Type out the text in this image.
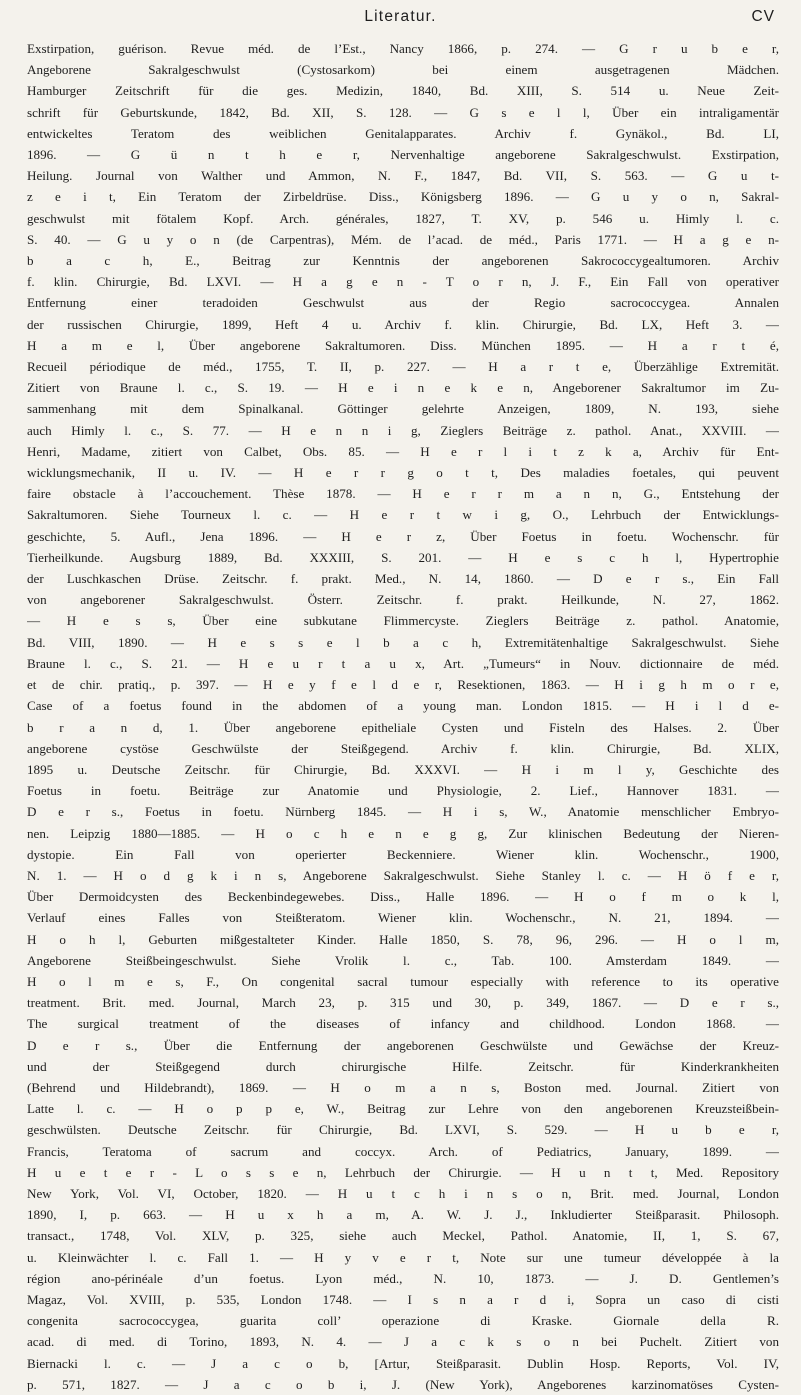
Literatur.	CV
Exstirpation, guérison. Revue méd. de l’Est., Nancy 1866, p. 274. — G r u b e r,
Angeborene Sakralgeschwulst (Cystosarkom) bei einem ausgetragenen Mädchen.
Hamburger Zeitschrift für die ges. Medizin, 1840, Bd. XIII, S. 514 u. Neue Zeit-
schrift für Geburtskunde, 1842, Bd. XII, S. 128. — G s e l l, Über ein intraligamentär
entwickeltes Teratom des weiblichen Genitalapparates. Archiv f. Gynäkol., Bd. LI,
1896. — G ü n t h e r, Nervenhaltige angeborene Sakralgeschwulst. Exstirpation,
Heilung. Journal von Walther und Ammon, N. F., 1847, Bd. VII, S. 563. — G u t-
z e i t, Ein Teratom der Zirbeldrüse. Diss., Königsberg 1896. — G u y o n, Sakral-
geschwulst mit fötalem Kopf. Arch. générales, 1827, T. XV, p. 546 u. Himly l. c.
S. 40. — G u y o n (de Carpentras), Mém. de l’acad. de méd., Paris 1771. — H a g e n-
b a c h, E., Beitrag zur Kenntnis der angeborenen Sakrococcygealtumoren. Archiv
f. klin. Chirurgie, Bd. LXVI. — H a g e n - T o r n, J. F., Ein Fall von operativer
Entfernung einer teradoiden Geschwulst aus der Regio sacrococcygea. Annalen
der russischen Chirurgie, 1899, Heft 4 u. Archiv f. klin. Chirurgie, Bd. LX, Heft 3. —
H a m e l, Über angeborene Sakraltumoren. Diss. München 1895. — H a r t é,
Recueil périodique de méd., 1755, T. II, p. 227. — H a r t e, Überzählige Extremität.
Zitiert von Braune l. c., S. 19. — H e i n e k e n, Angeborener Sakraltumor im Zu-
sammenhang mit dem Spinalkanal. Göttinger gelehrte Anzeigen, 1809, N. 193, siehe
auch Himly l. c., S. 77. — H e n n i g, Zieglers Beiträge z. pathol. Anat., XXVIII. —
Henri, Madame, zitiert von Calbet, Obs. 85. — H e r l i t z k a, Archiv für Ent-
wicklungsmechanik, II u. IV. — H e r r g o t t, Des maladies foetales, qui peuvent
faire obstacle à l’accouchement. Thèse 1878. — H e r r m a n n, G., Entstehung der
Sakraltumoren. Siehe Tourneux l. c. — H e r t w i g, O., Lehrbuch der Entwicklungs-
geschichte, 5. Aufl., Jena 1896. — H e r z, Über Foetus in foetu. Wochenschr. für
Tierheilkunde. Augsburg 1889, Bd. XXXIII, S. 201. — H e s c h l, Hypertrophie
der Luschkaschen Drüse. Zeitschr. f. prakt. Med., N. 14, 1860. — D e r s., Ein Fall
von angeborener Sakralgeschwulst. Österr. Zeitschr. f. prakt. Heilkunde, N. 27, 1862.
— H e s s, Über eine subkutane Flimmercyste. Zieglers Beiträge z. pathol. Anatomie,
Bd. VIII, 1890. — H e s s e l b a c h, Extremitätenhaltige Sakralgeschwulst. Siehe
Braune l. c., S. 21. — H e u r t a u x, Art. „Tumeurs“ in Nouv. dictionnaire de méd.
et de chir. pratiq., p. 397. — H e y f e l d e r, Resektionen, 1863. — H i g h m o r e,
Case of a foetus found in the abdomen of a young man. London 1815. — H i l d e-
b r a n d, 1. Über angeborene epitheliale Cysten und Fisteln des Halses. 2. Über
angeborene cystöse Geschwülste der Steißgegend. Archiv f. klin. Chirurgie, Bd. XLIX,
1895 u. Deutsche Zeitschr. für Chirurgie, Bd. XXXVI. — H i m l y, Geschichte des
Foetus in foetu. Beiträge zur Anatomie und Physiologie, 2. Lief., Hannover 1831. —
D e r s., Foetus in foetu. Nürnberg 1845. — H i s, W., Anatomie menschlicher Embryo-
nen. Leipzig 1880—1885. — H o c h e n e g g, Zur klinischen Bedeutung der Nieren-
dystopie. Ein Fall von operierter Beckenniere. Wiener klin. Wochenschr., 1900,
N. 1. — H o d g k i n s, Angeborene Sakralgeschwulst. Siehe Stanley l. c. — H ö f e r,
Über Dermoidcysten des Beckenbindegewebes. Diss., Halle 1896. — H o f m o k l,
Verlauf eines Falles von Steißteratom. Wiener klin. Wochenschr., N. 21, 1894. —
H o h l, Geburten mißgestalteter Kinder. Halle 1850, S. 78, 96, 296. — H o l m,
Angeborene Steißbeingeschwulst. Siehe Vrolik l. c., Tab. 100. Amsterdam 1849. —
H o l m e s, F., On congenital sacral tumour especially with reference to its operative
treatment. Brit. med. Journal, March 23, p. 315 und 30, p. 349, 1867. — D e r s.,
The surgical treatment of the diseases of infancy and childhood. London 1868. —
D e r s., Über die Entfernung der angeborenen Geschwülste und Gewächse der Kreuz-
und der Steißgegend durch chirurgische Hilfe. Zeitschr. für Kinderkrankheiten
(Behrend und Hildebrandt), 1869. — H o m a n s, Boston med. Journal. Zitiert von
Latte l. c. — H o p p e, W., Beitrag zur Lehre von den angeborenen Kreuzsteißbein-
geschwülsten. Deutsche Zeitschr. für Chirurgie, Bd. LXVI, S. 529. — H u b e r,
Francis, Teratoma of sacrum and coccyx. Arch. of Pediatrics, January, 1899. —
H u e t e r - L o s s e n, Lehrbuch der Chirurgie. — H u n t t, Med. Repository
New York, Vol. VI, October, 1820. — H u t c h i n s o n, Brit. med. Journal, London
1890, I, p. 663. — H u x h a m, A. W. J. J., Inkludierter Steißparasit. Philosoph.
transact., 1748, Vol. XLV, p. 325, siehe auch Meckel, Pathol. Anatomie, II, 1, S. 67,
u. Kleinwächter l. c. Fall 1. — H y v e r t, Note sur une tumeur développée à la
région ano-périnéale d’un foetus. Lyon méd., N. 10, 1873. — J. D. Gentlemen’s
Magaz, Vol. XVIII, p. 535, London 1748. — I s n a r d i, Sopra un caso di cisti
congenita sacrococcygea, guarita coll’ operazione di Kraske. Giornale della R.
acad. di med. di Torino, 1893, N. 4. — J a c k s o n bei Puchelt. Zitiert von
Biernacki l. c. — J a c o b, [Artur, Steißparasit. Dublin Hosp. Reports, Vol. IV,
p. 571, 1827. — J a c o b i, J. (New York), Angeborenes karzinomatöses Cysten-
